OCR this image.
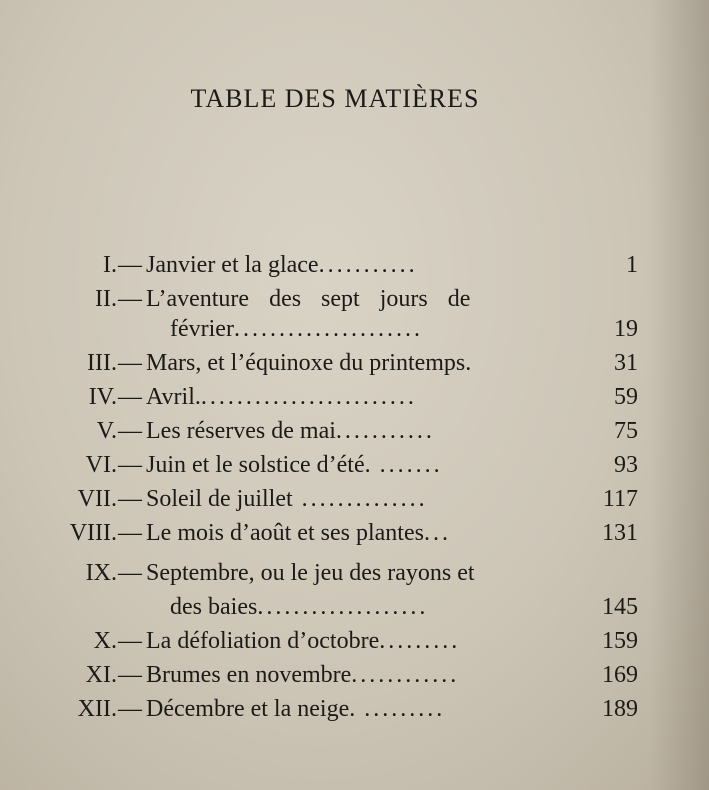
TABLE DES MATIÈRES
I. — Janvier et la glace...........	1
II. — L’aventure des sept jours de
février.....................	19
III. — Mars, et l’équinoxe du printemps.	31
IV. — Avril.........................	59
V. — Les réserves de mai...........	75
VI. — Juin et le solstice d’été. .......	93
VII. — Soleil de juillet ..............	117
VIII. — Le mois d’août et ses plantes...	131
IX. — Septembre, ou le jeu des rayons et
des baies...................	145
X. — La défoliation d’octobre.........	159
XI. — Brumes en novembre............	169
XII. — Décembre et la neige. .........	189
